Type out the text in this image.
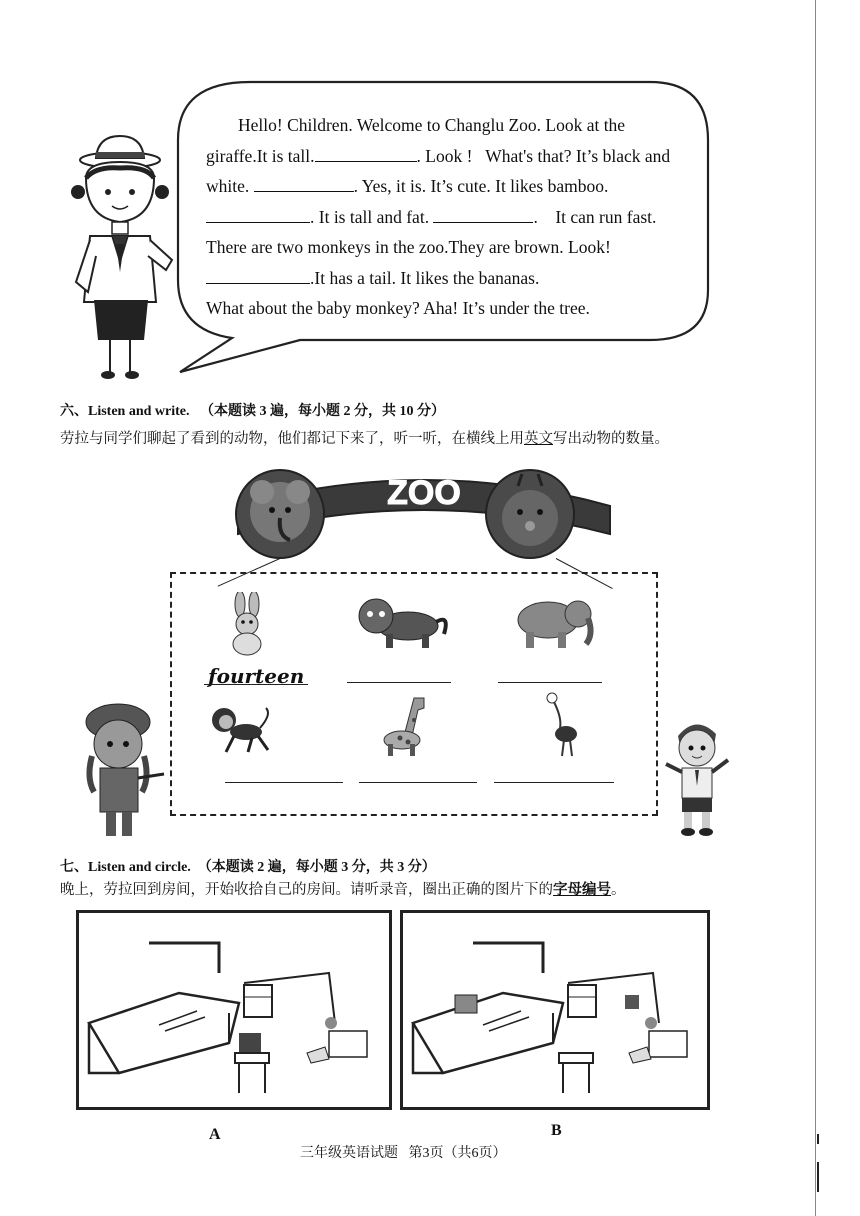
Hello! Children. Welcome to Changlu Zoo. Look at the

giraffe.It is tall.	. Look !   What's that? It’s black and

white.	. Yes, it is. It’s cute. It likes bamboo.

. It is tall and fat.	.    It can run fast.

There are two monkeys in the zoo.They are brown. Look!

.It has a tail. It likes the bananas.

What about the baby monkey? Aha! It’s under the tree.

六、Listen and write.   （本题读 3 遍，每小题 2 分，共 10 分）
劳拉与同学们聊起了看到的动物，他们都记下来了，听一听，在横线上用英文写出动物的数量。
ZOO
fourteen
七、Listen and circle.  （本题读 2 遍，每小题 3 分，共 3 分）
晚上，劳拉回到房间，开始收拾自己的房间。请听录音，圈出正确的图片下的字母编号。
A	B
三年级英语试题   第3页（共6页）
